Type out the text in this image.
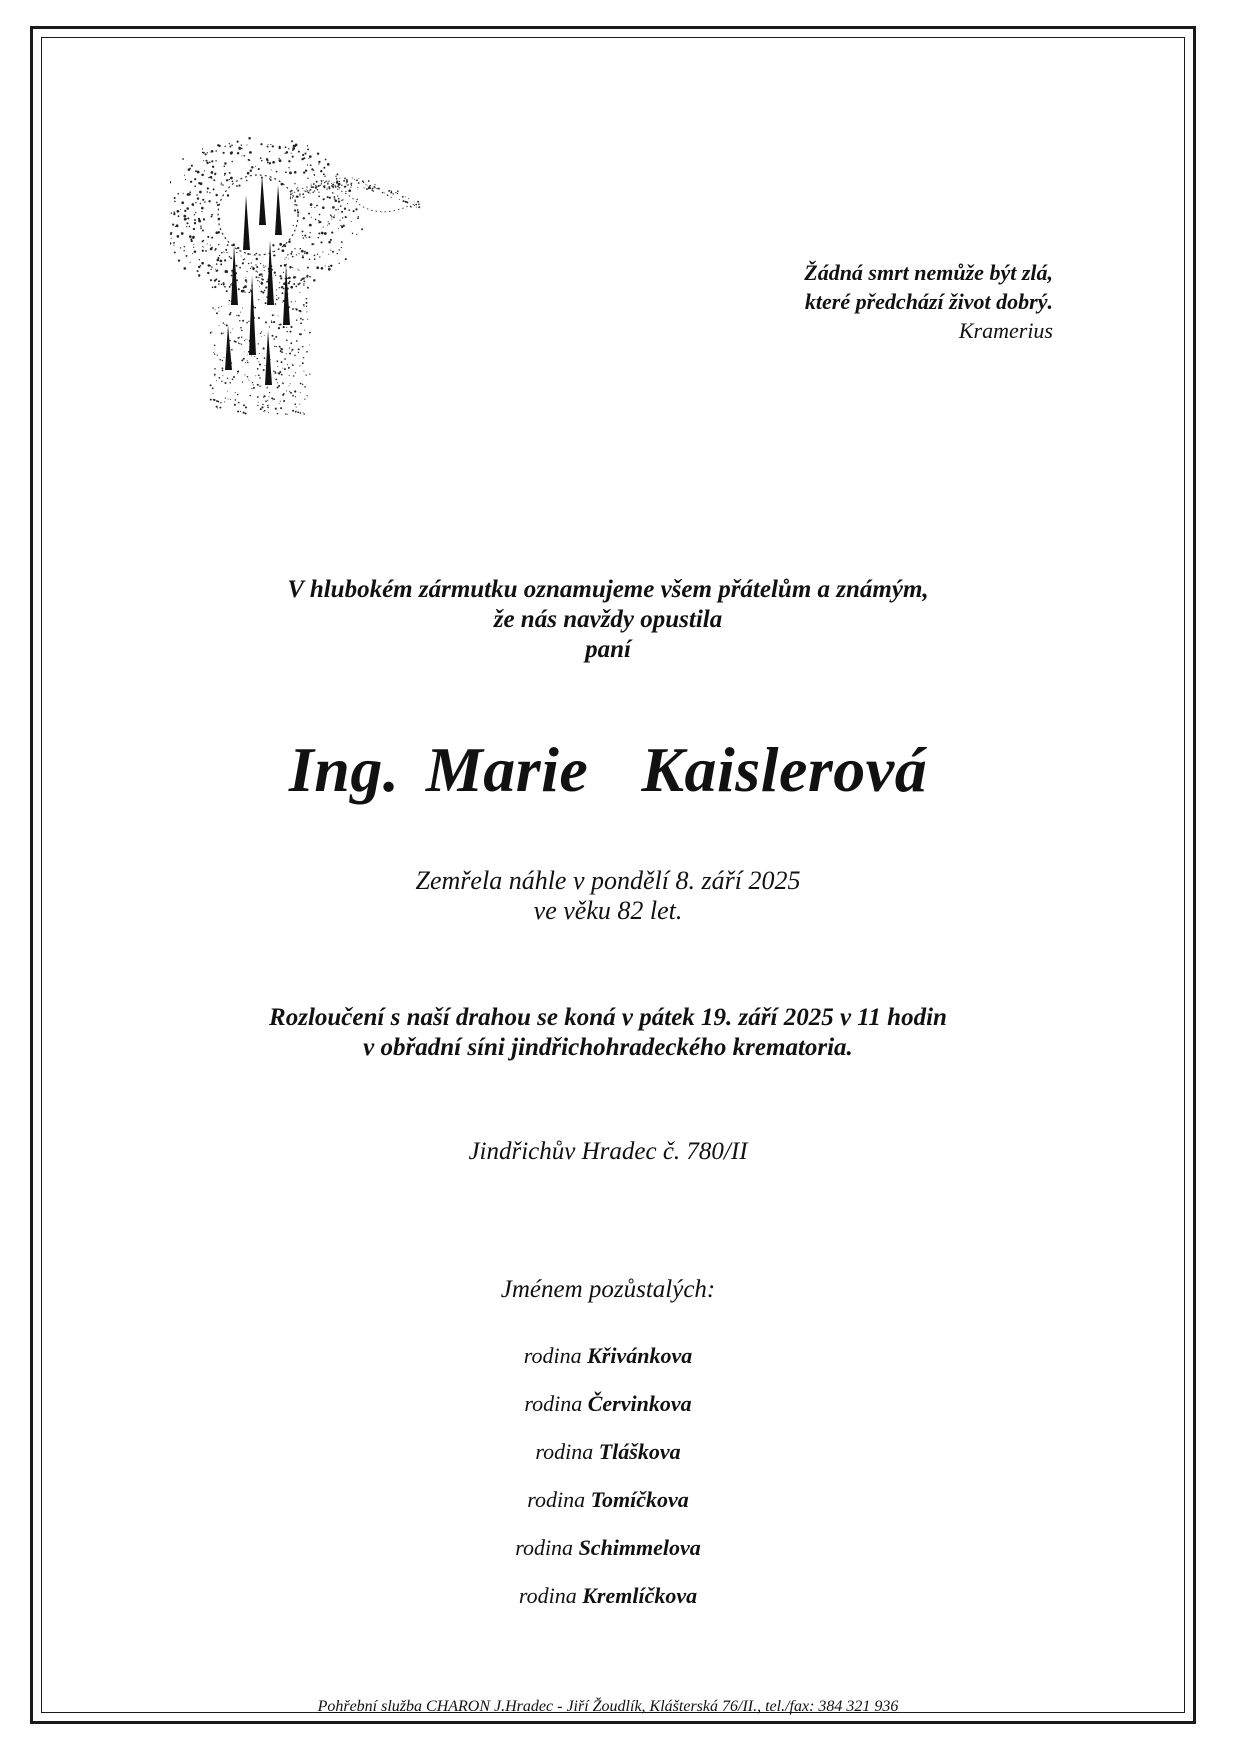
Žádná smrt nemůže být zlá,
které předchází život dobrý.
Kramerius
V hlubokém zármutku oznamujeme všem přátelům a známým,
že nás navždy opustila
paní
Ing. Marie  Kaislerová
Zemřela náhle v pondělí 8. září 2025
ve věku 82 let.
Rozloučení s naší drahou se koná v pátek 19. září 2025 v 11 hodin
v obřadní síni jindřichohradeckého krematoria.
Jindřichův Hradec č. 780/II
Jménem pozůstalých:
rodina Křivánkova
rodina Červinkova
rodina Tláškova
rodina Tomíčkova
rodina Schimmelova
rodina Kremlíčkova
Pohřební služba CHARON J.Hradec - Jiří Žoudlík, Klášterská 76/II., tel./fax: 384 321 936
